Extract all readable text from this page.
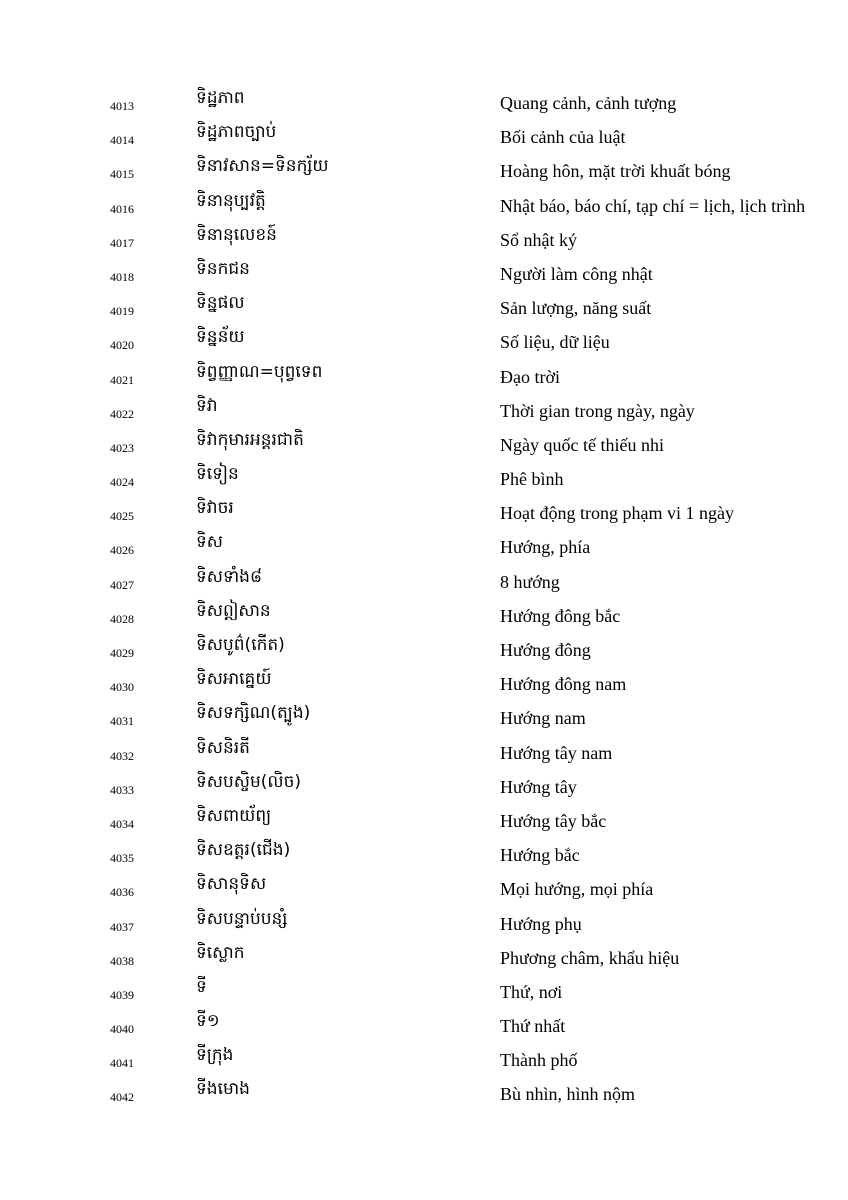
4013	ទិដ្ឋភាព	Quang cảnh, cảnh tượng
4014	ទិដ្ឋភាពច្បាប់	Bối cảnh của luật
4015	ទិនាវសាន=ទិនក្ស័យ	Hoàng hôn, mặt trời khuất bóng
4016	ទិនានុប្បវត្តិ	Nhật báo, báo chí, tạp chí = lịch, lịch trình
4017	ទិនានុលេខន៍	Sổ nhật ký
4018	ទិនកជន	Người làm công nhật
4019	ទិន្នផល	Sản lượng, năng suất
4020	ទិន្នន័យ	Số liệu, dữ liệu
4021	ទិព្វញ្ញាណ=បុព្វទេព	Đạo trời
4022	ទិវា	Thời gian trong ngày, ngày
4023	ទិវាកុមារអន្តរជាតិ	Ngày quốc tế thiếu nhi
4024	ទិទៀន	Phê bình
4025	ទិវាចរ	Hoạt động trong phạm vi 1 ngày
4026	ទិស	Hướng, phía
4027	ទិសទាំង៨	8 hướng
4028	ទិសឦសាន	Hướng đông bắc
4029	ទិសបូព៌(កើត)	Hướng đông
4030	ទិសអាគ្នេយ៍	Hướng đông nam
4031	ទិសទក្សិណ(ត្បូង)	Hướng nam
4032	ទិសនិរតី	Hướng tây nam
4033	ទិសបស្ចិម(លិច)	Hướng tây
4034	ទិសពាយ័ព្យ	Hướng tây bắc
4035	ទិសឧត្តរ(ជើង)	Hướng bắc
4036	ទិសានុទិស	Mọi hướng, mọi phía
4037	ទិសបន្ទាប់បន្សំ	Hướng phụ
4038	ទិស្លោក	Phương châm, khẩu hiệu
4039	ទី	Thứ, nơi
4040	ទី១	Thứ nhất
4041	ទីក្រុង	Thành phố
4042	ទីងមោង	Bù nhìn, hình nộm
